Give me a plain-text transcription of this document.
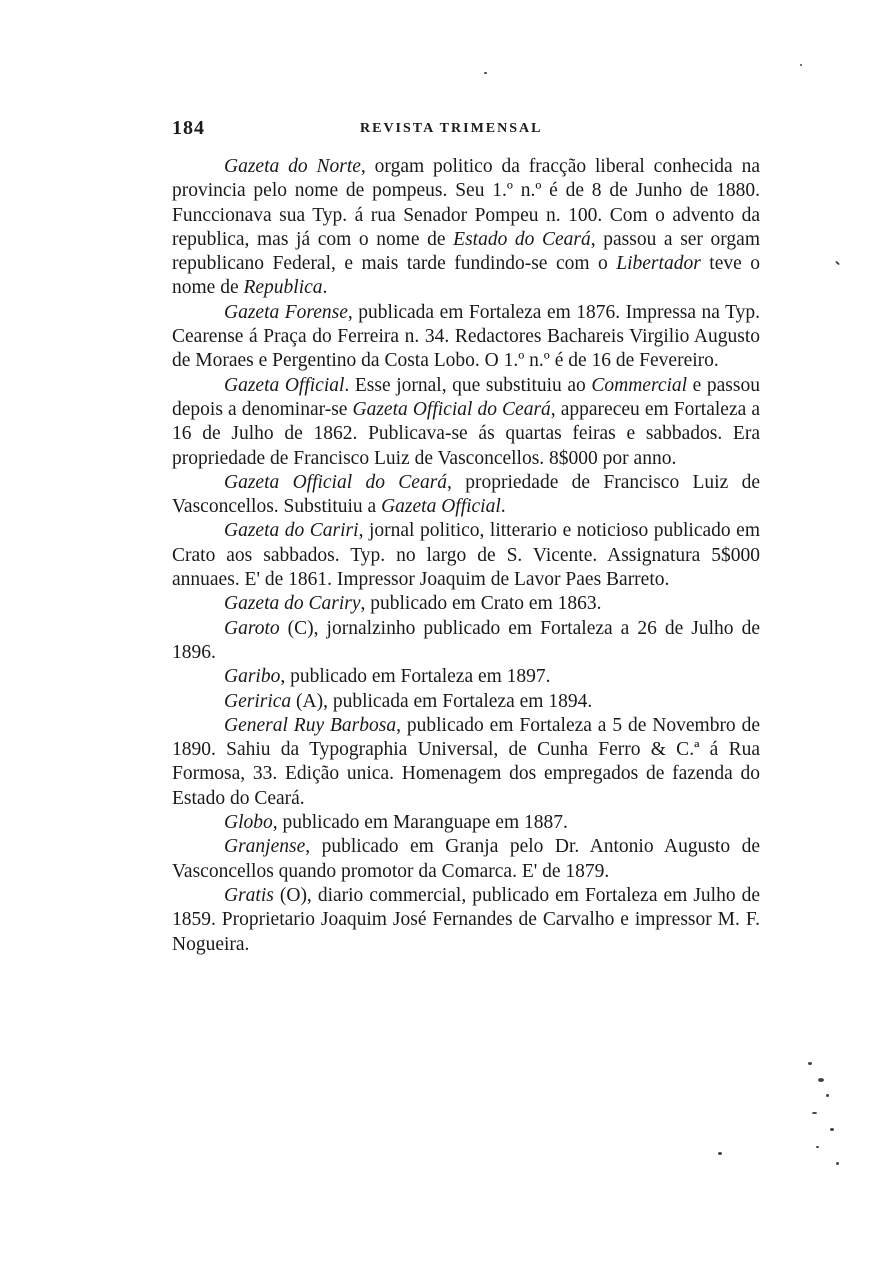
184	REVISTA TRIMENSAL

Gazeta do Norte, orgam politico da fracção liberal conhecida na provincia pelo nome de pompeus. Seu 1.º n.º é de 8 de Junho de 1880. Funccionava sua Typ. á rua Senador Pompeu n. 100. Com o advento da republica, mas já com o nome de Estado do Ceará, passou a ser orgam republicano Federal, e mais tarde fundindo-se com o Libertador teve o nome de Republica.

Gazeta Forense, publicada em Fortaleza em 1876. Impressa na Typ. Cearense á Praça do Ferreira n. 34. Redactores Bachareis Virgilio Augusto de Moraes e Pergentino da Costa Lobo. O 1.º n.º é de 16 de Fevereiro.

Gazeta Official. Esse jornal, que substituiu ao Commercial e passou depois a denominar-se Gazeta Official do Ceará, appareceu em Fortaleza a 16 de Julho de 1862. Publicava-se ás quartas feiras e sabbados. Era propriedade de Francisco Luiz de Vasconcellos. 8$000 por anno.

Gazeta Official do Ceará, propriedade de Francisco Luiz de Vasconcellos. Substituiu a Gazeta Official.

Gazeta do Cariri, jornal politico, litterario e noticioso publicado em Crato aos sabbados. Typ. no largo de S. Vicente. Assignatura 5$000 annuaes. E' de 1861. Impressor Joaquim de Lavor Paes Barreto.

Gazeta do Cariry, publicado em Crato em 1863.

Garoto (C), jornalzinho publicado em Fortaleza a 26 de Julho de 1896.

Garibo, publicado em Fortaleza em 1897.

Geririca (A), publicada em Fortaleza em 1894.

General Ruy Barbosa, publicado em Fortaleza a 5 de Novembro de 1890. Sahiu da Typographia Universal, de Cunha Ferro & C.ª á Rua Formosa, 33. Edição unica. Homenagem dos empregados de fazenda do Estado do Ceará.

Globo, publicado em Maranguape em 1887.

Granjense, publicado em Granja pelo Dr. Antonio Augusto de Vasconcellos quando promotor da Comarca. E' de 1879.

Gratis (O), diario commercial, publicado em Fortaleza em Julho de 1859. Proprietario Joaquim José Fernandes de Carvalho e impressor M. F. Nogueira.
